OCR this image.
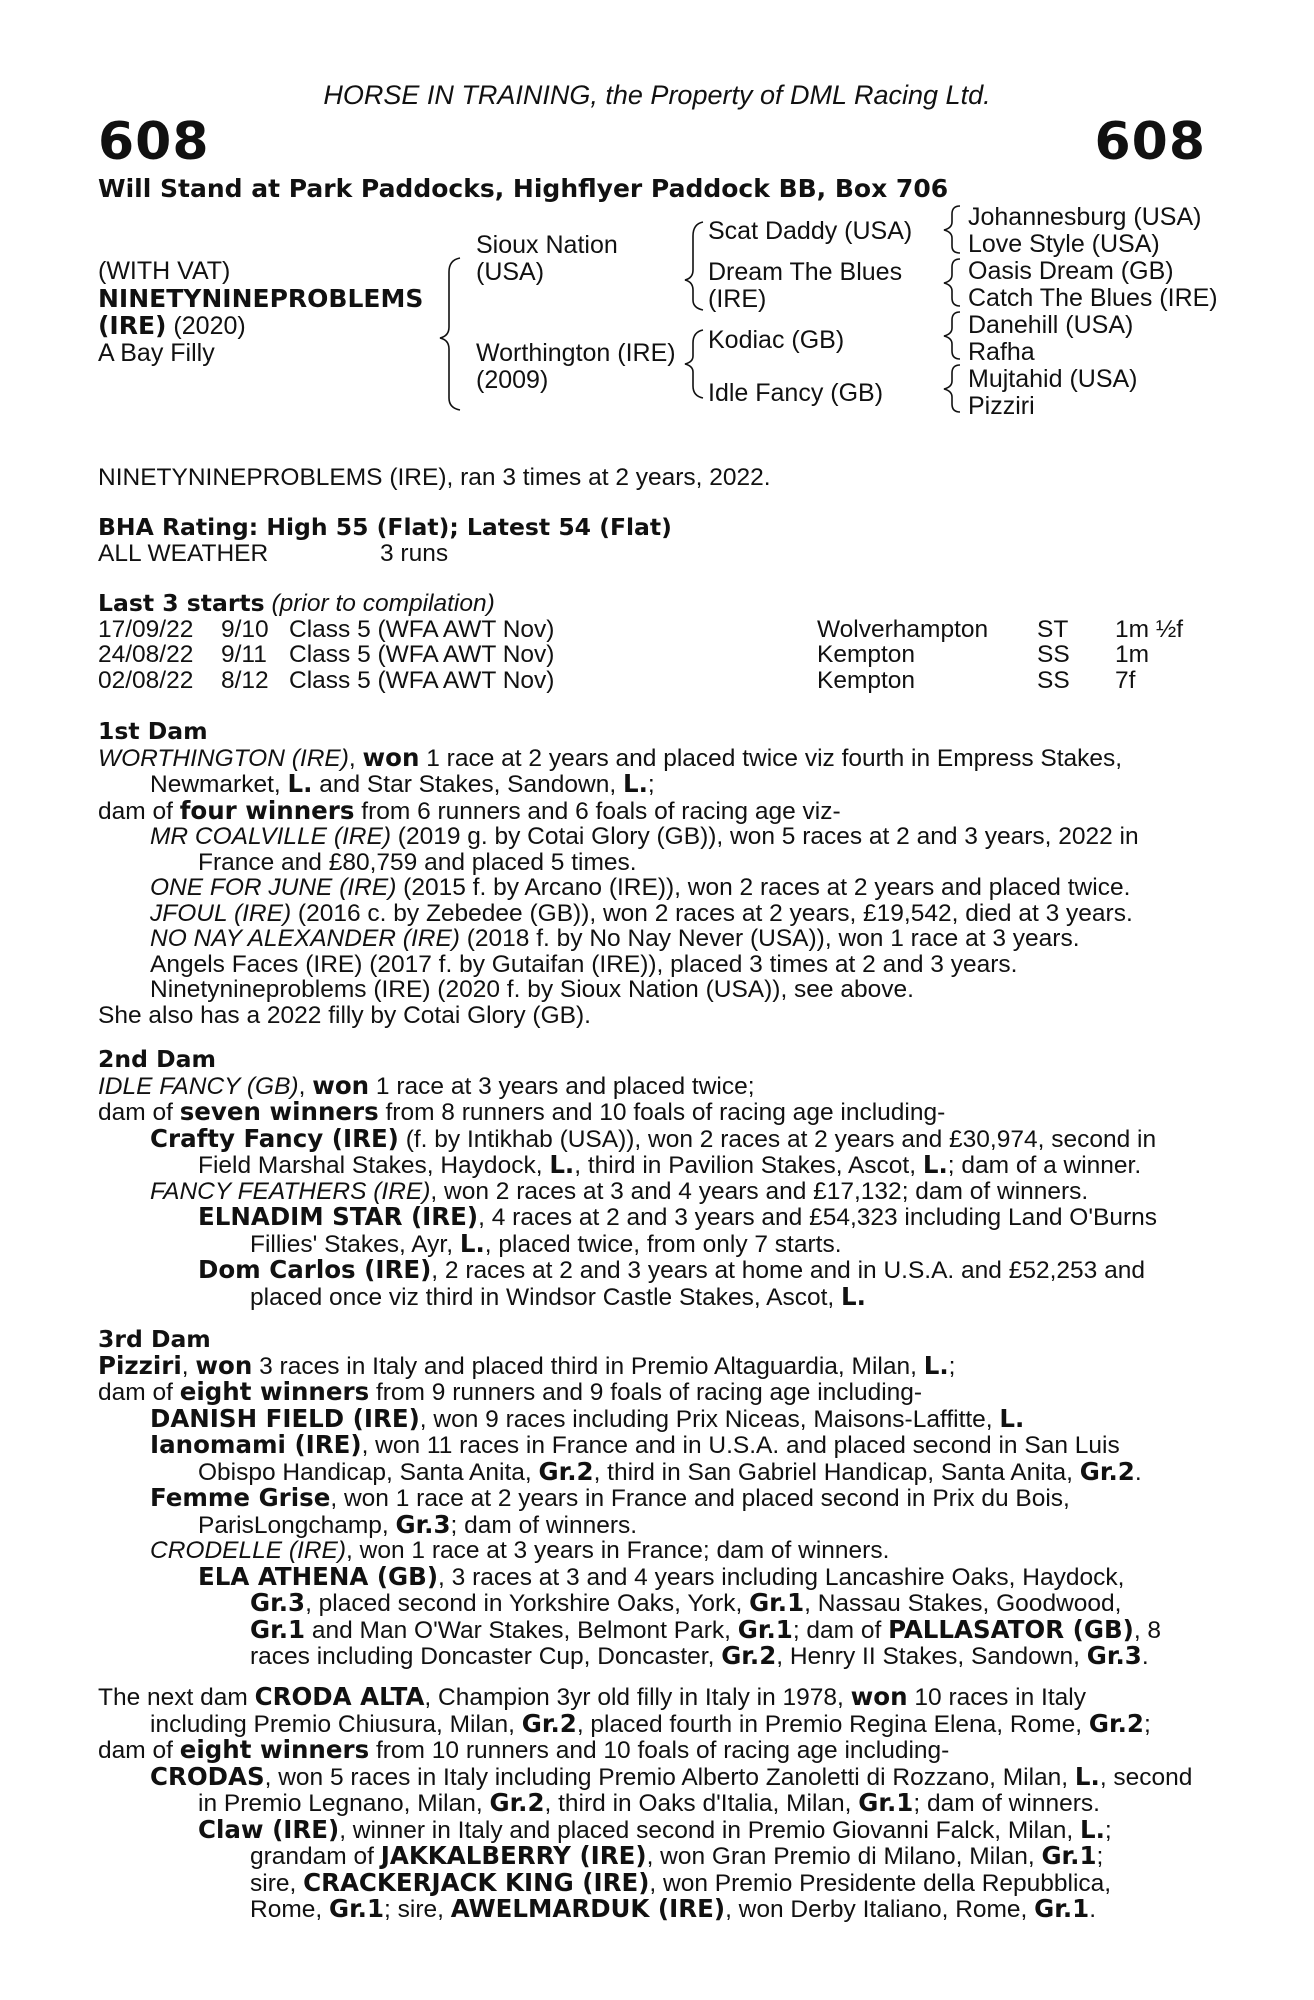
HORSE IN TRAINING, the Property of DML Racing Ltd.
608	608
Will Stand at Park Paddocks, Highflyer Paddock BB, Box 706
(WITH VAT)
NINETYNINEPROBLEMS
(IRE) (2020)
A Bay Filly
Sioux Nation
(USA)
Worthington (IRE)
(2009)
Scat Daddy (USA)
Dream The Blues
(IRE)
Kodiac (GB)
Idle Fancy (GB)
Johannesburg (USA)
Love Style (USA)
Oasis Dream (GB)
Catch The Blues (IRE)
Danehill (USA)
Rafha
Mujtahid (USA)
Pizziri
NINETYNINEPROBLEMS (IRE), ran 3 times at 2 years, 2022.
BHA Rating: High 55 (Flat); Latest 54 (Flat)
ALL WEATHER	3 runs
Last 3 starts (prior to compilation)
17/09/22	9/10	Class 5 (WFA AWT Nov)	Wolverhampton	ST	1m ½f
24/08/22	9/11	Class 5 (WFA AWT Nov)	Kempton	SS	1m
02/08/22	8/12	Class 5 (WFA AWT Nov)	Kempton	SS	7f
1st Dam
WORTHINGTON (IRE), won 1 race at 2 years and placed twice viz fourth in Empress Stakes,
Newmarket, L. and Star Stakes, Sandown, L.;
dam of four winners from 6 runners and 6 foals of racing age viz-
MR COALVILLE (IRE) (2019 g. by Cotai Glory (GB)), won 5 races at 2 and 3 years, 2022 in
France and £80,759 and placed 5 times.
ONE FOR JUNE (IRE) (2015 f. by Arcano (IRE)), won 2 races at 2 years and placed twice.
JFOUL (IRE) (2016 c. by Zebedee (GB)), won 2 races at 2 years, £19,542, died at 3 years.
NO NAY ALEXANDER (IRE) (2018 f. by No Nay Never (USA)), won 1 race at 3 years.
Angels Faces (IRE) (2017 f. by Gutaifan (IRE)), placed 3 times at 2 and 3 years.
Ninetynineproblems (IRE) (2020 f. by Sioux Nation (USA)), see above.
She also has a 2022 filly by Cotai Glory (GB).
2nd Dam
IDLE FANCY (GB), won 1 race at 3 years and placed twice;
dam of seven winners from 8 runners and 10 foals of racing age including-
Crafty Fancy (IRE) (f. by Intikhab (USA)), won 2 races at 2 years and £30,974, second in
Field Marshal Stakes, Haydock, L., third in Pavilion Stakes, Ascot, L.; dam of a winner.
FANCY FEATHERS (IRE), won 2 races at 3 and 4 years and £17,132; dam of winners.
ELNADIM STAR (IRE), 4 races at 2 and 3 years and £54,323 including Land O'Burns
Fillies' Stakes, Ayr, L., placed twice, from only 7 starts.
Dom Carlos (IRE), 2 races at 2 and 3 years at home and in U.S.A. and £52,253 and
placed once viz third in Windsor Castle Stakes, Ascot, L.
3rd Dam
Pizziri, won 3 races in Italy and placed third in Premio Altaguardia, Milan, L.;
dam of eight winners from 9 runners and 9 foals of racing age including-
DANISH FIELD (IRE), won 9 races including Prix Niceas, Maisons-Laffitte, L.
Ianomami (IRE), won 11 races in France and in U.S.A. and placed second in San Luis
Obispo Handicap, Santa Anita, Gr.2, third in San Gabriel Handicap, Santa Anita, Gr.2.
Femme Grise, won 1 race at 2 years in France and placed second in Prix du Bois,
ParisLongchamp, Gr.3; dam of winners.
CRODELLE (IRE), won 1 race at 3 years in France; dam of winners.
ELA ATHENA (GB), 3 races at 3 and 4 years including Lancashire Oaks, Haydock,
Gr.3, placed second in Yorkshire Oaks, York, Gr.1, Nassau Stakes, Goodwood,
Gr.1 and Man O'War Stakes, Belmont Park, Gr.1; dam of PALLASATOR (GB), 8
races including Doncaster Cup, Doncaster, Gr.2, Henry II Stakes, Sandown, Gr.3.
The next dam CRODA ALTA, Champion 3yr old filly in Italy in 1978, won 10 races in Italy
including Premio Chiusura, Milan, Gr.2, placed fourth in Premio Regina Elena, Rome, Gr.2;
dam of eight winners from 10 runners and 10 foals of racing age including-
CRODAS, won 5 races in Italy including Premio Alberto Zanoletti di Rozzano, Milan, L., second
in Premio Legnano, Milan, Gr.2, third in Oaks d'Italia, Milan, Gr.1; dam of winners.
Claw (IRE), winner in Italy and placed second in Premio Giovanni Falck, Milan, L.;
grandam of JAKKALBERRY (IRE), won Gran Premio di Milano, Milan, Gr.1;
sire, CRACKERJACK KING (IRE), won Premio Presidente della Repubblica,
Rome, Gr.1; sire, AWELMARDUK (IRE), won Derby Italiano, Rome, Gr.1.
